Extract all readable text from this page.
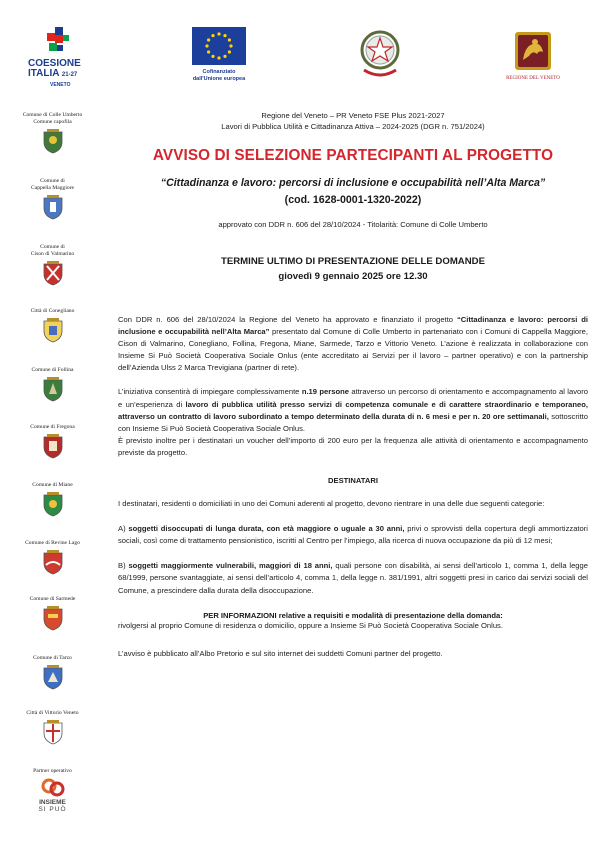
COESIONE
ITALIA 21-27
VENETO
Cofinanziato
dall'Unione europea	REGIONE DEL VENETO
Comune di Colle Umberto
Comune capofila
Comune di
Cappella Maggiore
Comune di
Cison di Valmarino
Città di Conegliano
Comune di Follina
Comune di Fregona
Comune di Miane
Comune di Revine Lago
Comune di Sarmede
Comune di Tarzo
Città di Vittorio Veneto
Partner operativo
INSIEME
SI PUÒ
Regione del Veneto – PR Veneto FSE Plus 2021-2027
Lavori di Pubblica Utilità e Cittadinanza Attiva – 2024-2025 (DGR n. 751/2024)
AVVISO DI SELEZIONE PARTECIPANTI AL PROGETTO
“Cittadinanza e lavoro: percorsi di inclusione e occupabilità nell’Alta Marca”
(cod. 1628-0001-1320-2022)
approvato con DDR n. 606 del 28/10/2024 - Titolarità: Comune di Colle Umberto
TERMINE ULTIMO DI PRESENTAZIONE DELLE DOMANDE
giovedì 9 gennaio 2025 ore 12.30

Con DDR n. 606 del 28/10/2024 la Regione del Veneto ha approvato e finanziato il progetto “Cittadinanza e lavoro: percorsi di inclusione e occupabilità nell’Alta Marca” presentato dal Comune di Colle Umberto in partenariato con i Comuni di Cappella Maggiore, Cison di Valmarino, Conegliano, Follina, Fregona, Miane, Sarmede, Tarzo e Vittorio Veneto. L’azione è realizzata in collaborazione con Insieme Si Può Società Cooperativa Sociale Onlus (ente accreditato ai Servizi per il lavoro – partner operativo) e con la partnership dell’Azienda Ulss 2 Marca Trevigiana (partner di rete).

L’iniziativa consentirà di impiegare complessivamente n.19 persone attraverso un percorso di orientamento e accompagnamento al lavoro e un’esperienza di lavoro di pubblica utilità presso servizi di competenza comunale e di carattere straordinario e temporaneo, attraverso un contratto di lavoro subordinato a tempo determinato della durata di n. 6 mesi e per n. 20 ore settimanali, sottoscritto con Insieme Si Può Società Cooperativa Sociale Onlus.

È previsto inoltre per i destinatari un voucher dell’importo di 200 euro per la frequenza alle attività di orientamento e accompagnamento previste da progetto.

DESTINATARI

I destinatari, residenti o domiciliati in uno dei Comuni aderenti al progetto, devono rientrare in una delle due seguenti categorie:

A) soggetti disoccupati di lunga durata, con età maggiore o uguale a 30 anni, privi o sprovvisti della copertura degli ammortizzatori sociali, così come di trattamento pensionistico, iscritti al Centro per l’impiego, alla ricerca di nuova occupazione da più di 12 mesi;

B) soggetti maggiormente vulnerabili, maggiori di 18 anni, quali persone con disabilità, ai sensi dell’articolo 1, comma 1, della legge 68/1999, persone svantaggiate, ai sensi dell’articolo 4, comma 1, della legge n. 381/1991, altri soggetti presi in carico dai servizi sociali del Comune, a prescindere dalla durata della disoccupazione.

PER INFORMAZIONI relative a requisiti e modalità di presentazione della domanda:

rivolgersi al proprio Comune di residenza o domicilio, oppure a Insieme Si Può Società Cooperativa Sociale Onlus.

L’avviso è pubblicato all’Albo Pretorio e sul sito internet dei suddetti Comuni partner del progetto.
